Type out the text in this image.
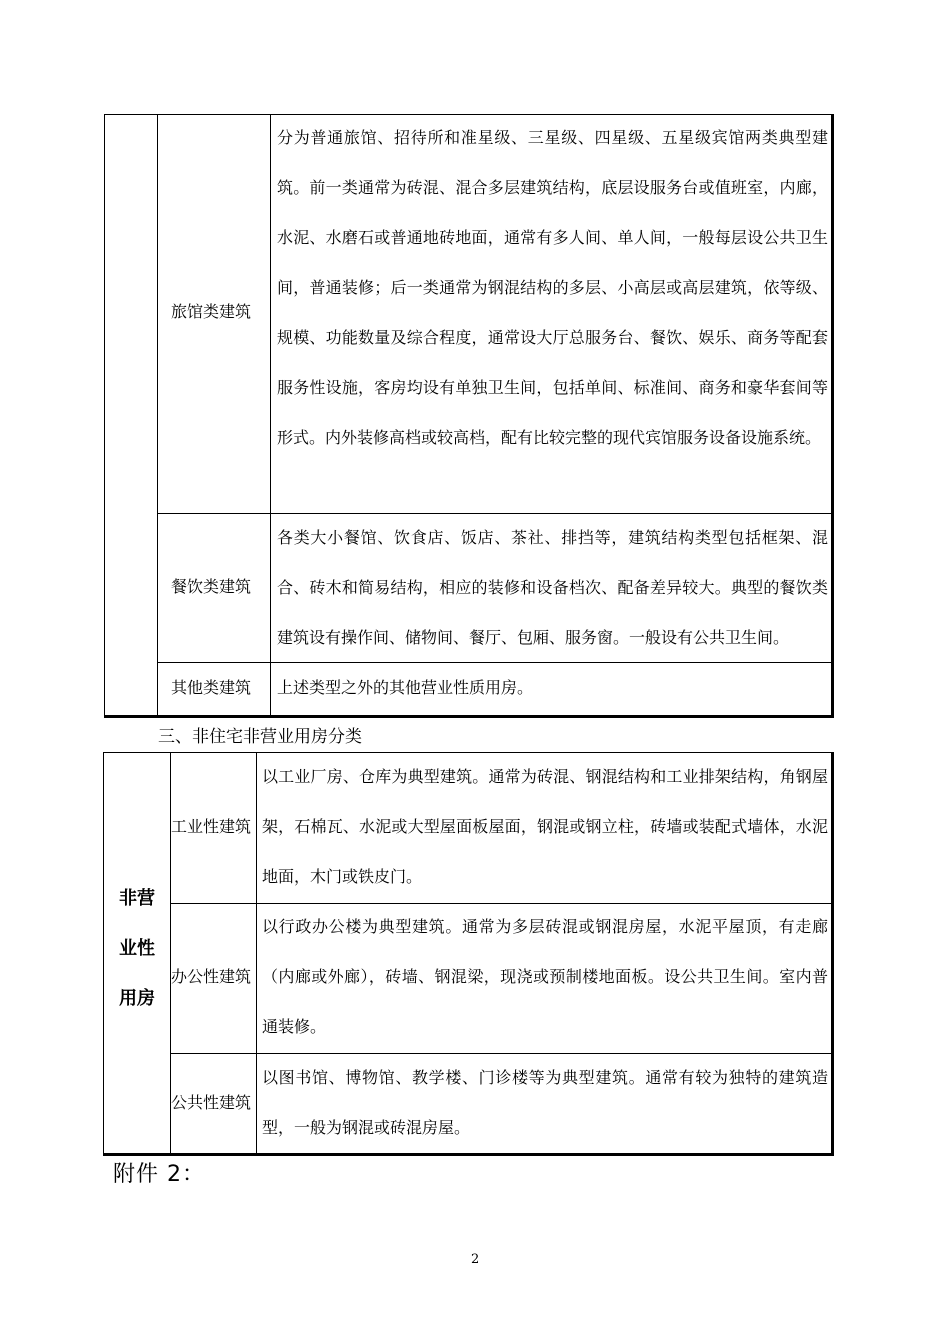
旅馆类建筑
分为普通旅馆、招待所和准星级、三星级、四星级、五星级宾馆两类典型建筑。前一类通常为砖混、混合多层建筑结构，底层设服务台或值班室，内廊，水泥、水磨石或普通地砖地面，通常有多人间、单人间，一般每层设公共卫生间，普通装修；后一类通常为钢混结构的多层、小高层或高层建筑，依等级、规模、功能数量及综合程度，通常设大厅总服务台、餐饮、娱乐、商务等配套服务性设施，客房均设有单独卫生间，包括单间、标准间、商务和豪华套间等形式。内外装修高档或较高档，配有比较完整的现代宾馆服务设备设施系统。
餐饮类建筑
各类大小餐馆、饮食店、饭店、茶社、排挡等，建筑结构类型包括框架、混合、砖木和简易结构，相应的装修和设备档次、配备差异较大。典型的餐饮类建筑设有操作间、储物间、餐厅、包厢、服务窗。一般设有公共卫生间。
其他类建筑 上述类型之外的其他营业性质用房。
三、非住宅非营业用房分类
非营
业性
用房
工业性建筑
以工业厂房、仓库为典型建筑。通常为砖混、钢混结构和工业排架结构，角钢屋架，石棉瓦、水泥或大型屋面板屋面，钢混或钢立柱，砖墙或装配式墙体，水泥地面，木门或铁皮门。
办公性建筑
以行政办公楼为典型建筑。通常为多层砖混或钢混房屋，水泥平屋顶，有走廊（内廊或外廊），砖墙、钢混梁，现浇或预制楼地面板。设公共卫生间。室内普通装修。
公共性建筑
以图书馆、博物馆、教学楼、门诊楼等为典型建筑。通常有较为独特的建筑造型，一般为钢混或砖混房屋。
附件 2：
2
